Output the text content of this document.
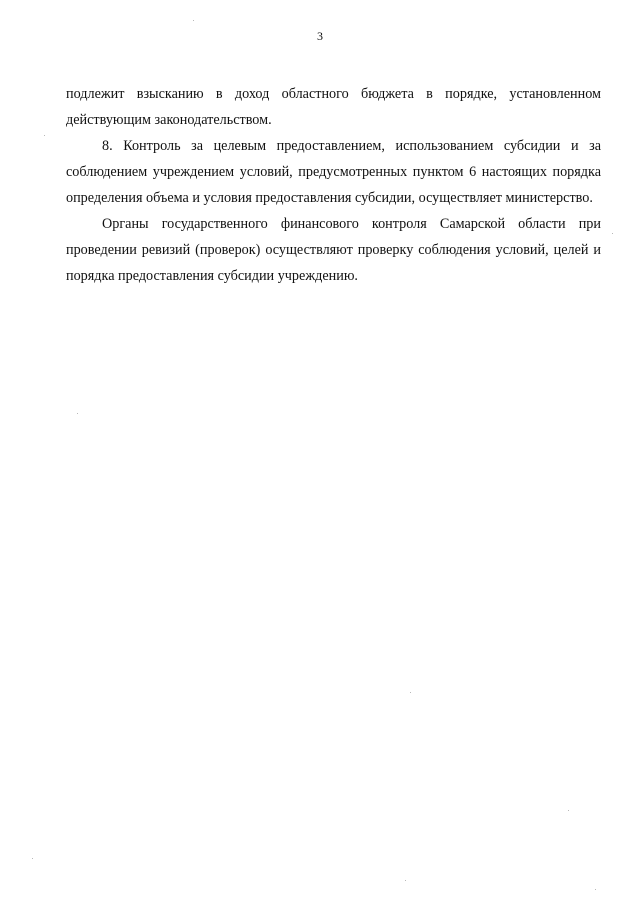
3

подлежит взысканию в доход областного бюджета в порядке, установленном действующим законодательством.

8. Контроль за целевым предоставлением, использованием субсидии и за соблюдением учреждением условий, предусмотренных пунктом 6 настоящих порядка определения объема и условия предоставления субсидии, осуществляет министерство.

Органы государственного финансового контроля Самарской области при проведении ревизий (проверок) осуществляют проверку соблюдения условий, целей и порядка предоставления субсидии учреждению.
